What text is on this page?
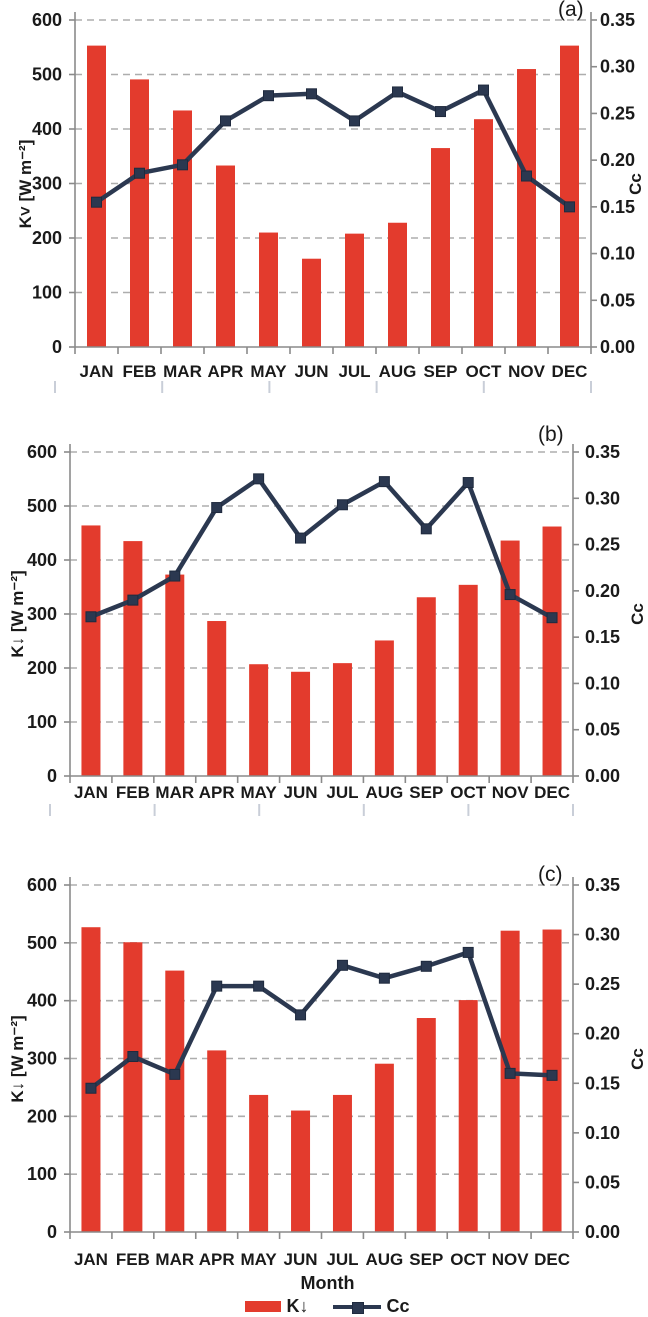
0
100
200
300
400
500
600
0.00
0.05
0.10
0.15
0.20
0.25
0.30
0.35
JAN FEB MAR APR MAY JUN JUL AUG SEP OCT NOV DEC
K˅ [W m⁻²]	Cc
(a)
0
100
200
300
400
500
600
0.00
0.05
0.10
0.15
0.20
0.25
0.30
0.35
JAN FEB MAR APR MAY JUN JUL AUG SEP OCT NOV DEC
K↓ [W m⁻²]	Cc
(b)
0
100
200
300
400
500
600
0.00
0.05
0.10
0.15
0.20
0.25
0.30
0.35
JAN FEB MAR APR MAY JUN JUL AUG SEP OCT NOV DEC
K↓ [W m⁻²]	Cc
(c)
Month
K↓	Cc
